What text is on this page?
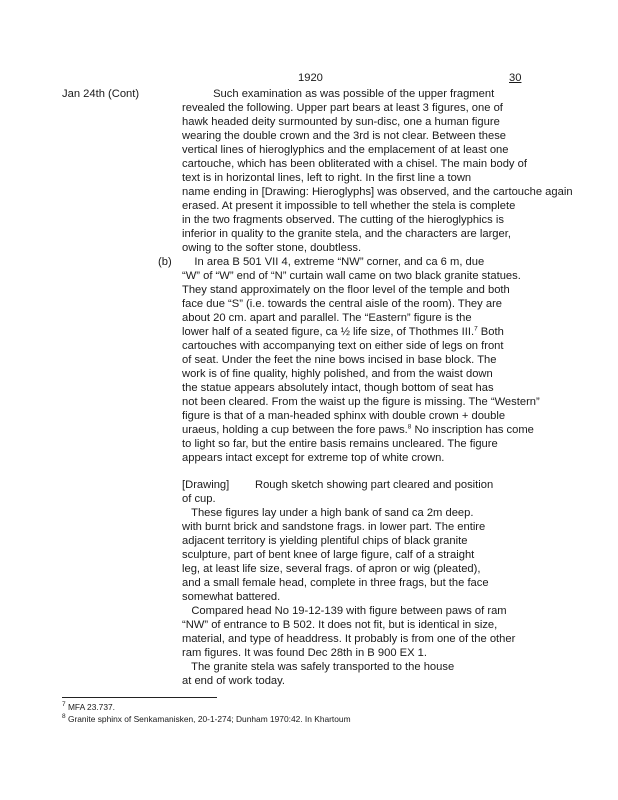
1920	30
Jan 24th (Cont)	Such examination as was possible of the upper fragment
revealed the following. Upper part bears at least 3 figures, one of
hawk headed deity surmounted by sun-disc, one a human figure
wearing the double crown and the 3rd is not clear. Between these
vertical lines of hieroglyphics and the emplacement of at least one
cartouche, which has been obliterated with a chisel. The main body of
text is in horizontal lines, left to right. In the first line a town
name ending in [Drawing: Hieroglyphs] was observed, and the cartouche again
erased. At present it impossible to tell whether the stela is complete
in the two fragments observed. The cutting of the hieroglyphics is
inferior in quality to the granite stela, and the characters are larger,
owing to the softer stone, doubtless.
(b) In area B 501 VII 4, extreme “NW” corner, and ca 6 m, due
“W” of “W” end of “N” curtain wall came on two black granite statues.
They stand approximately on the floor level of the temple and both
face due “S” (i.e. towards the central aisle of the room). They are
about 20 cm. apart and parallel. The “Eastern” figure is the
lower half of a seated figure, ca ½ life size, of Thothmes III.$^7$ Both
cartouches with accompanying text on either side of legs on front
of seat. Under the feet the nine bows incised in base block. The
work is of fine quality, highly polished, and from the waist down
the statue appears absolutely intact, though bottom of seat has
not been cleared. From the waist up the figure is missing. The “Western”
figure is that of a man-headed sphinx with double crown + double
uraeus, holding a cup between the fore paws.$^8$ No inscription has come
to light so far, but the entire basis remains uncleared. The figure
appears intact except for extreme top of white crown.
[Drawing] Rough sketch showing part cleared and position
of cup.
These figures lay under a high bank of sand ca 2m deep.
with burnt brick and sandstone frags. in lower part. The entire
adjacent territory is yielding plentiful chips of black granite
sculpture, part of bent knee of large figure, calf of a straight
leg, at least life size, several frags. of apron or wig (pleated),
and a small female head, complete in three frags, but the face
somewhat battered.
Compared head No 19-12-139 with figure between paws of ram
“NW” of entrance to B 502. It does not fit, but is identical in size,
material, and type of headdress. It probably is from one of the other
ram figures. It was found Dec 28th in B 900 EX 1.
The granite stela was safely transported to the house
at end of work today.
$^7$ MFA 23.737.
$^8$ Granite sphinx of Senkamanisken, 20-1-274; Dunham 1970:42. In Khartoum
